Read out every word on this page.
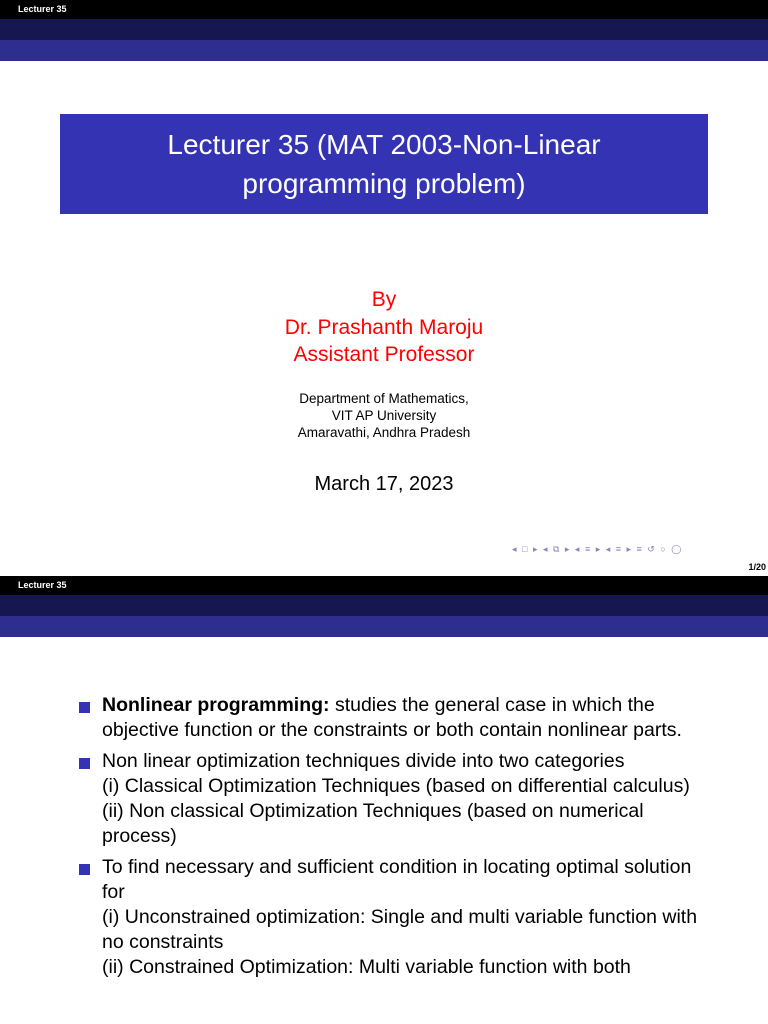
Lecturer 35
Lecturer 35 (MAT 2003-Non-Linear
programming problem)
By
Dr. Prashanth Maroju
Assistant Professor
Department of Mathematics,
VIT AP University
Amaravathi, Andhra Pradesh
March 17, 2023
◂ □ ▸ ◂ ⧉ ▸ ◂ ≡ ▸ ◂ ≡ ▸ ≡ ↺ ○ ◯
1/20
Lecturer 35
Nonlinear programming: studies the general case in which the objective function or the constraints or both contain nonlinear parts.
Non linear optimization techniques divide into two categories
(i) Classical Optimization Techniques (based on differential calculus)
(ii) Non classical Optimization Techniques (based on numerical process)
To find necessary and sufficient condition in locating optimal solution for
(i) Unconstrained optimization: Single and multi variable function with no constraints
(ii) Constrained Optimization: Multi variable function with both
